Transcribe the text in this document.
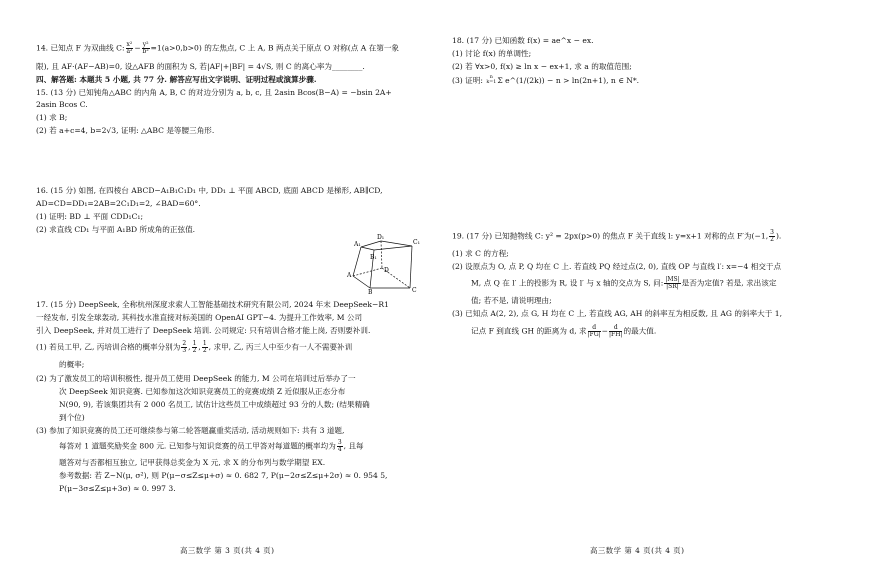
14. 已知点 F 为双曲线 C: $\frac{\text{x²}}{\text{a²}} - \frac{\text{y²}}{\text{b²}} =1(a>0,b>0)$ 的左焦点, C 上 A, B 两点关于原点 O 对称(点 A 在第一象
限), 且 AF·(AF−AB)=0, 设△AFB 的面积为 S, 若|AF|+|BF| = 4√S, 则 C 的离心率为________.
四、解答题: 本题共 5 小题, 共 77 分. 解答应写出文字说明、证明过程或演算步骤.
15. (13 分) 已知钝角△ABC 的内角 A, B, C 的对边分别为 a, b, c, 且 2asin Bcos(B−A) = −bsin 2A+
2asin Bcos C.
(1) 求 B;
(2) 若 a+c=4, b=2√3, 证明: △ABC 是等腰三角形.
16. (15 分) 如图, 在四棱台 ABCD−A₁B₁C₁D₁ 中, DD₁ ⊥ 平面 ABCD, 底面 ABCD 是梯形, AB∥CD,
AD=CD=DD₁=2AB=2C₁D₁=2, ∠BAD=60°.
(1) 证明: BD ⊥ 平面 CDD₁C₁;
(2) 求直线 CD₁ 与平面 A₁BD 所成角的正弦值.
A₁
B₁
C₁
D₁
A
B	C
D
17. (15 分) DeepSeek, 全称杭州深度求索人工智能基础技术研究有限公司, 2024 年末 DeepSeek−R1
一经发布, 引发全球轰动, 其科技水准直接对标美国的 OpenAI GPT−4. 为提升工作效率, M 公司
引入 DeepSeek, 并对员工进行了 DeepSeek 培训. 公司规定: 只有培训合格才能上岗, 否则要补训.
(1) 若员工甲, 乙, 丙培训合格的概率分别为 $\frac{2}{3}$ , $\frac{1}{2}$ , $\frac{1}{2}$ , 求甲, 乙, 丙三人中至少有一人不需要补训
的概率;
(2) 为了激发员工的培训积极性, 提升员工使用 DeepSeek 的能力, M 公司在培训过后举办了一
次 DeepSeek 知识竞赛. 已知参加这次知识竞赛员工的竞赛成绩 Z 近似服从正态分布
N(90, 9), 若该集团共有 2 000 名员工, 试估计这些员工中成绩超过 93 分的人数; (结果精确
到个位)
(3) 参加了知识竞赛的员工还可继续参与第二轮答题赢重奖活动, 活动规则如下: 共有 3 道题,
每答对 1 道题奖励奖金 800 元. 已知参与知识竞赛的员工甲答对每道题的概率均为 $\frac{3}{4}$ , 且每
题答对与否都相互独立, 记甲获得总奖金为 X 元, 求 X 的分布列与数学期望 EX.
参考数据: 若 Z~N(μ, σ²), 则 P(μ−σ≤Z≤μ+σ) ≈ 0. 682 7, P(μ−2σ≤Z≤μ+2σ) ≈ 0. 954 5,
P(μ−3σ≤Z≤μ+3σ) ≈ 0. 997 3.
高三数学 第 3 页(共 4 页)
18. (17 分) 已知函数 f(x) = ae^x − ex.
(1) 讨论 f(x) 的单调性;
(2) 若 ∀x>0, f(x) ≥ ln x − ex+1, 求 a 的取值范围;
(3) 证明:	n
k=1 Σ e^(1/(2k)) − n > ln(2n+1), n ∈ N*.
19. (17 分) 已知抛物线 C: y² = 2px(p>0) 的焦点 F 关于直线 l: y=x+1 对称的点 F′为(−1, $\frac{3}{2}$ ).
(1) 求 C 的方程;
(2) 设原点为 O, 点 P, Q 均在 C 上. 若直线 PQ 经过点(2, 0), 直线 OP 与直线 l′: x=−4 相交于点
M, 点 Q 在 l′ 上的投影为 R, 设 l′ 与 x 轴的交点为 S, 问: $\frac{|MS|}{|SR|}$ 是否为定值? 若是, 求出该定
值; 若不是, 请说明理由;
(3) 已知点 A(2, 2), 点 G, H 均在 C 上, 若直线 AG, AH 的斜率互为相反数, 且 AG 的斜率大于 1,
记点 F 到直线 GH 的距离为 d, 求 $\frac{d}{|FG|} - \frac{d}{|FH|}$ 的最大值.
高三数学 第 4 页(共 4 页)
